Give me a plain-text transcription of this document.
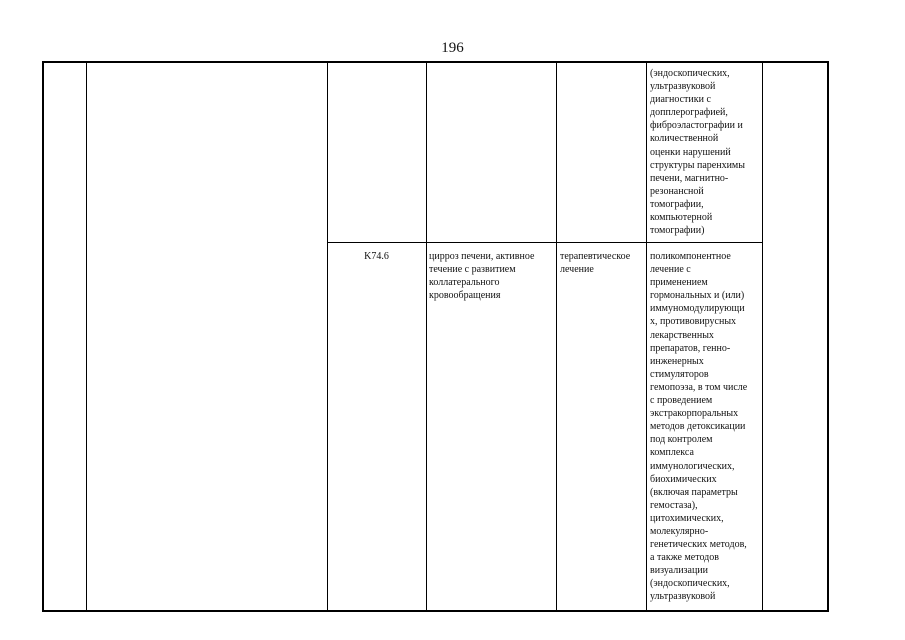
196
(эндоскопических,
ультразвуковой
диагностики с
допплерографией,
фиброэластографии и
количественной
оценки нарушений
структуры паренхимы
печени, магнитно-
резонансной
томографии,
компьютерной
томографии)
K74.6	цирроз печени, активное
течение с развитием
коллатерального
кровообращения
терапевтическое
лечение
поликомпонентное
лечение с
применением
гормональных и (или)
иммуномодулирующи
х, противовирусных
лекарственных
препаратов, генно-
инженерных
стимуляторов
гемопоэза, в том числе
с проведением
экстракорпоральных
методов детоксикации
под контролем
комплекса
иммунологических,
биохимических
(включая параметры
гемостаза),
цитохимических,
молекулярно-
генетических методов,
а также методов
визуализации
(эндоскопических,
ультразвуковой
